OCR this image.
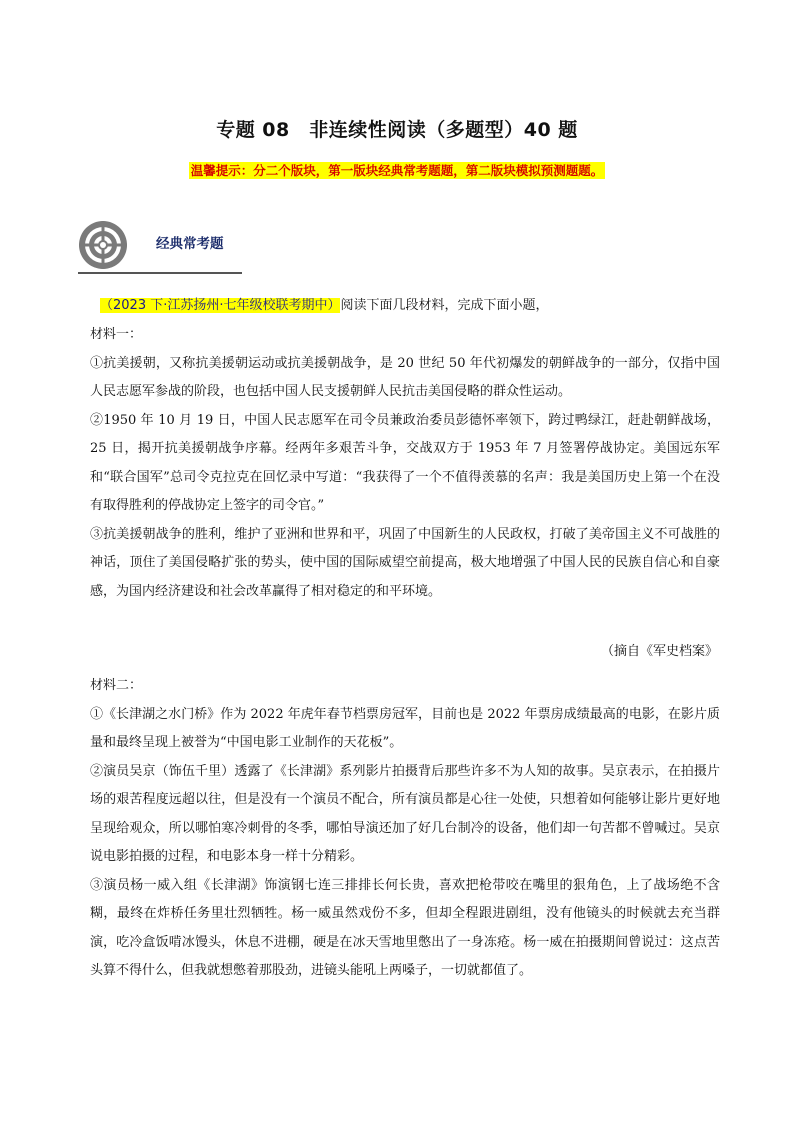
专题 08　非连续性阅读（多题型）40 题
温馨提示：分二个版块，第一版块经典常考题题，第二版块模拟预测题题。
经典常考题
（2023 下·江苏扬州·七年级校联考期中）阅读下面几段材料，完成下面小题，
材料一：

①抗美援朝，又称抗美援朝运动或抗美援朝战争，是 20 世纪 50 年代初爆发的朝鲜战争的一部分，仅指中国人民志愿军参战的阶段，也包括中国人民支援朝鲜人民抗击美国侵略的群众性运动。

②1950 年 10 月 19 日，中国人民志愿军在司令员兼政治委员彭德怀率领下，跨过鸭绿江，赶赴朝鲜战场，25 日，揭开抗美援朝战争序幕。经两年多艰苦斗争，交战双方于 1953 年 7 月签署停战协定。美国远东军和“联合国军”总司令克拉克在回忆录中写道：“我获得了一个不值得羡慕的名声：我是美国历史上第一个在没有取得胜利的停战协定上签字的司令官。”

③抗美援朝战争的胜利，维护了亚洲和世界和平，巩固了中国新生的人民政权，打破了美帝国主义不可战胜的神话，顶住了美国侵略扩张的势头，使中国的国际威望空前提高，极大地增强了中国人民的民族自信心和自豪感，为国内经济建设和社会改革赢得了相对稳定的和平环境。

（摘自《军史档案》
材料二：

①《长津湖之水门桥》作为 2022 年虎年春节档票房冠军，目前也是 2022 年票房成绩最高的电影，在影片质量和最终呈现上被誉为“中国电影工业制作的天花板”。

②演员吴京（饰伍千里）透露了《长津湖》系列影片拍摄背后那些许多不为人知的故事。吴京表示，在拍摄片场的艰苦程度远超以往，但是没有一个演员不配合，所有演员都是心往一处使，只想着如何能够让影片更好地呈现给观众，所以哪怕寒冷刺骨的冬季，哪怕导演还加了好几台制冷的设备，他们却一句苦都不曾喊过。吴京说电影拍摄的过程，和电影本身一样十分精彩。

③演员杨一威入组《长津湖》饰演钢七连三排排长何长贵，喜欢把枪带咬在嘴里的狠角色，上了战场绝不含糊，最终在炸桥任务里壮烈牺牲。杨一威虽然戏份不多，但却全程跟进剧组，没有他镜头的时候就去充当群演，吃冷盒饭啃冰馒头，休息不进棚，硬是在冰天雪地里憋出了一身冻疮。杨一威在拍摄期间曾说过：这点苦头算不得什么，但我就想憋着那股劲，进镜头能吼上两嗓子，一切就都值了。
